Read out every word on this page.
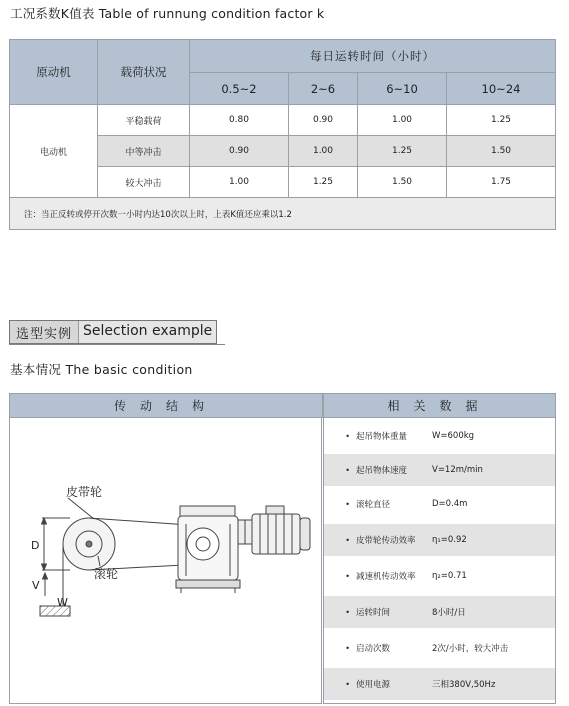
工况系数K值表 Table of runnung condition factor k
原动机	载荷状况	每日运转时间（小时）			
		0.5~2	2~6	6~10	10~24
电动机	平稳载荷	0.80	0.90	1.00	1.25
	中等冲击	0.90	1.00	1.25	1.50
	较大冲击	1.00	1.25	1.50	1.75
注：当正反转或停开次数一小时内达10次以上时，上表K值还应乘以1.2					
选型实例 Selection example
基本情况 The basic condition
传动结构	相关数据
皮带轮
滚轮
D
V
W
• 起吊物体重量	W=600kg
• 起吊物体速度	V=12m/min
• 滚轮直径	D=0.4m
• 皮带轮传动效率	η₁=0.92
• 减速机传动效率	η₂=0.71
• 运转时间	8小时/日
• 启动次数	2次/小时，较大冲击
• 使用电源	三相380V,50Hz
